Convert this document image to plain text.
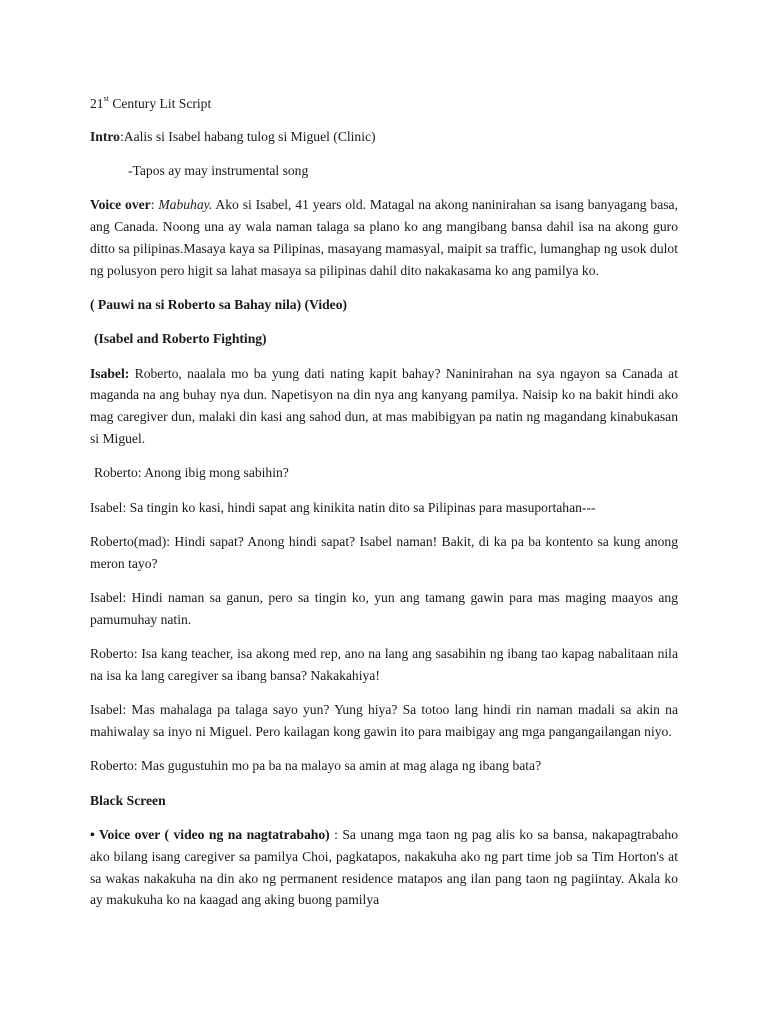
21st Century Lit Script

Intro:Aalis si Isabel habang tulog si Miguel (Clinic)

-Tapos ay may instrumental song

Voice over: Mabuhay. Ako si Isabel, 41 years old. Matagal na akong naninirahan sa isang banyagang basa, ang Canada. Noong una ay wala naman talaga sa plano ko ang mangibang bansa dahil isa na akong guro ditto sa pilipinas.Masaya kaya sa Pilipinas, masayang mamasyal, maipit sa traffic, lumanghap ng usok dulot ng polusyon pero higit sa lahat masaya sa pilipinas dahil dito nakakasama ko ang pamilya ko.

( Pauwi na si Roberto sa Bahay nila) (Video)

(Isabel and Roberto Fighting)

Isabel: Roberto, naalala mo ba yung dati nating kapit bahay? Naninirahan na sya ngayon sa Canada at maganda na ang buhay nya dun. Napetisyon na din nya ang kanyang pamilya. Naisip ko na bakit hindi ako mag caregiver dun, malaki din kasi ang sahod dun, at mas mabibigyan pa natin ng magandang kinabukasan si Miguel.

Roberto: Anong ibig mong sabihin?

Isabel: Sa tingin ko kasi, hindi sapat ang kinikita natin dito sa Pilipinas para masuportahan---

Roberto(mad): Hindi sapat? Anong hindi sapat? Isabel naman! Bakit, di ka pa ba kontento sa kung anong meron tayo?

Isabel: Hindi naman sa ganun, pero sa tingin ko, yun ang tamang gawin para mas maging maayos ang pamumuhay natin.

Roberto: Isa kang teacher, isa akong med rep, ano na lang ang sasabihin ng ibang tao kapag nabalitaan nila na isa ka lang caregiver sa ibang bansa? Nakakahiya!

Isabel: Mas mahalaga pa talaga sayo yun? Yung hiya? Sa totoo lang hindi rin naman madali sa akin na mahiwalay sa inyo ni Miguel. Pero kailagan kong gawin ito para maibigay ang mga pangangailangan niyo.

Roberto: Mas gugustuhin mo pa ba na malayo sa amin at mag alaga ng ibang bata?

Black Screen

• Voice over ( video ng na nagtatrabaho) : Sa unang mga taon ng pag alis ko sa bansa, nakapagtrabaho ako bilang isang caregiver sa pamilya Choi, pagkatapos, nakakuha ako ng part time job sa Tim Horton's at sa wakas nakakuha na din ako ng permanent residence matapos ang ilan pang taon ng pagiintay. Akala ko ay makukuha ko na kaagad ang aking buong pamilya
